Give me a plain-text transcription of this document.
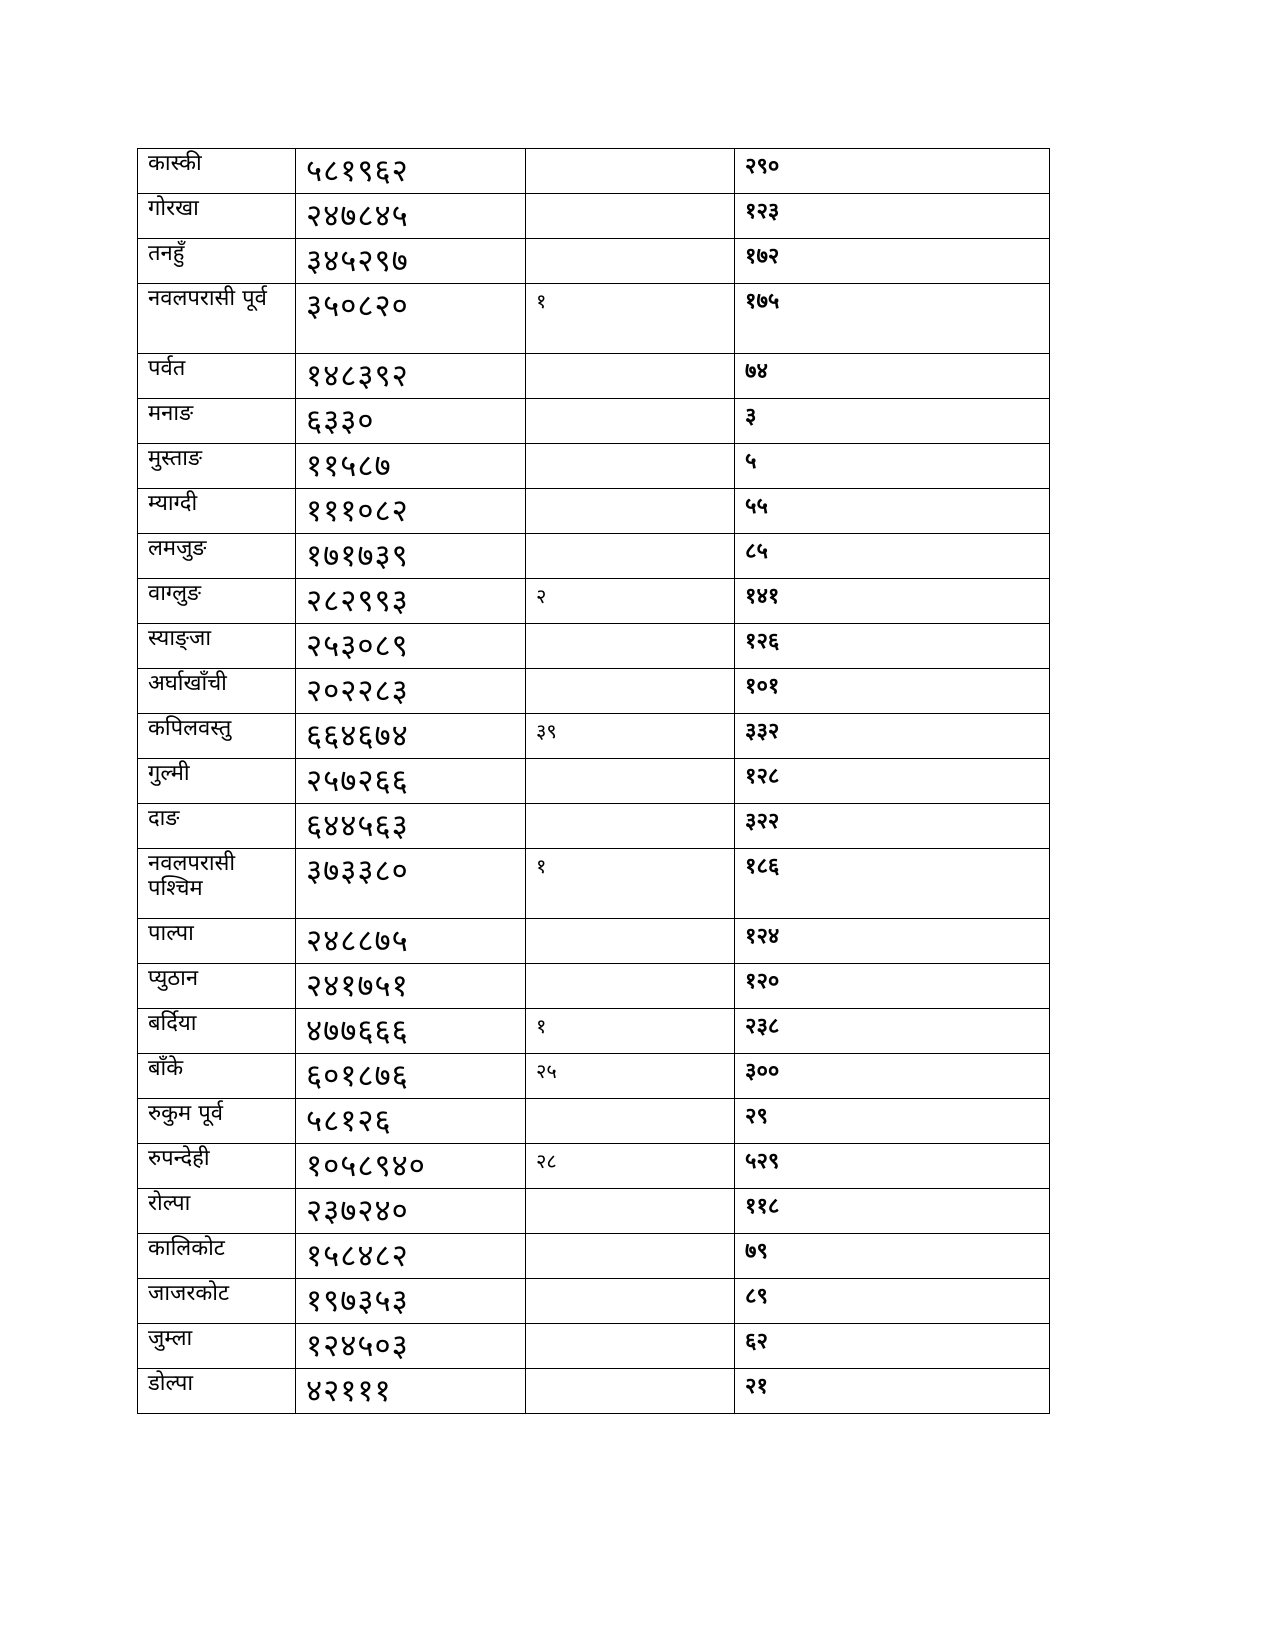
कास्की	५८१९६२		२९०
गोरखा	२४७८४५		१२३
तनहुँ	३४५२९७		१७२
नवलपरासी पूर्व	३५०८२०	१	१७५
पर्वत	१४८३९२		७४
मनाङ	६३३०		३
मुस्ताङ	११५८७		५
म्याग्दी	१११०८२		५५
लमजुङ	१७१७३९		८५
वाग्लुङ	२८२९९३	२	१४१
स्याङ्जा	२५३०८९		१२६
अर्घाखाँची	२०२२८३		१०१
कपिलवस्तु	६६४६७४	३९	३३२
गुल्मी	२५७२६६		१२८
दाङ	६४४५६३		३२२
नवलपरासी पश्चिम	३७३३८०	१	१८६
पाल्पा	२४८८७५		१२४
प्युठान	२४१७५१		१२०
बर्दिया	४७७६६६	१	२३८
बाँके	६०१८७६	२५	३००
रुकुम पूर्व	५८१२६		२९
रुपन्देही	१०५८९४०	२८	५२९
रोल्पा	२३७२४०		११८
कालिकोट	१५८४८२		७९
जाजरकोट	१९७३५३		८९
जुम्ला	१२४५०३		६२
डोल्पा	४२१११		२१
